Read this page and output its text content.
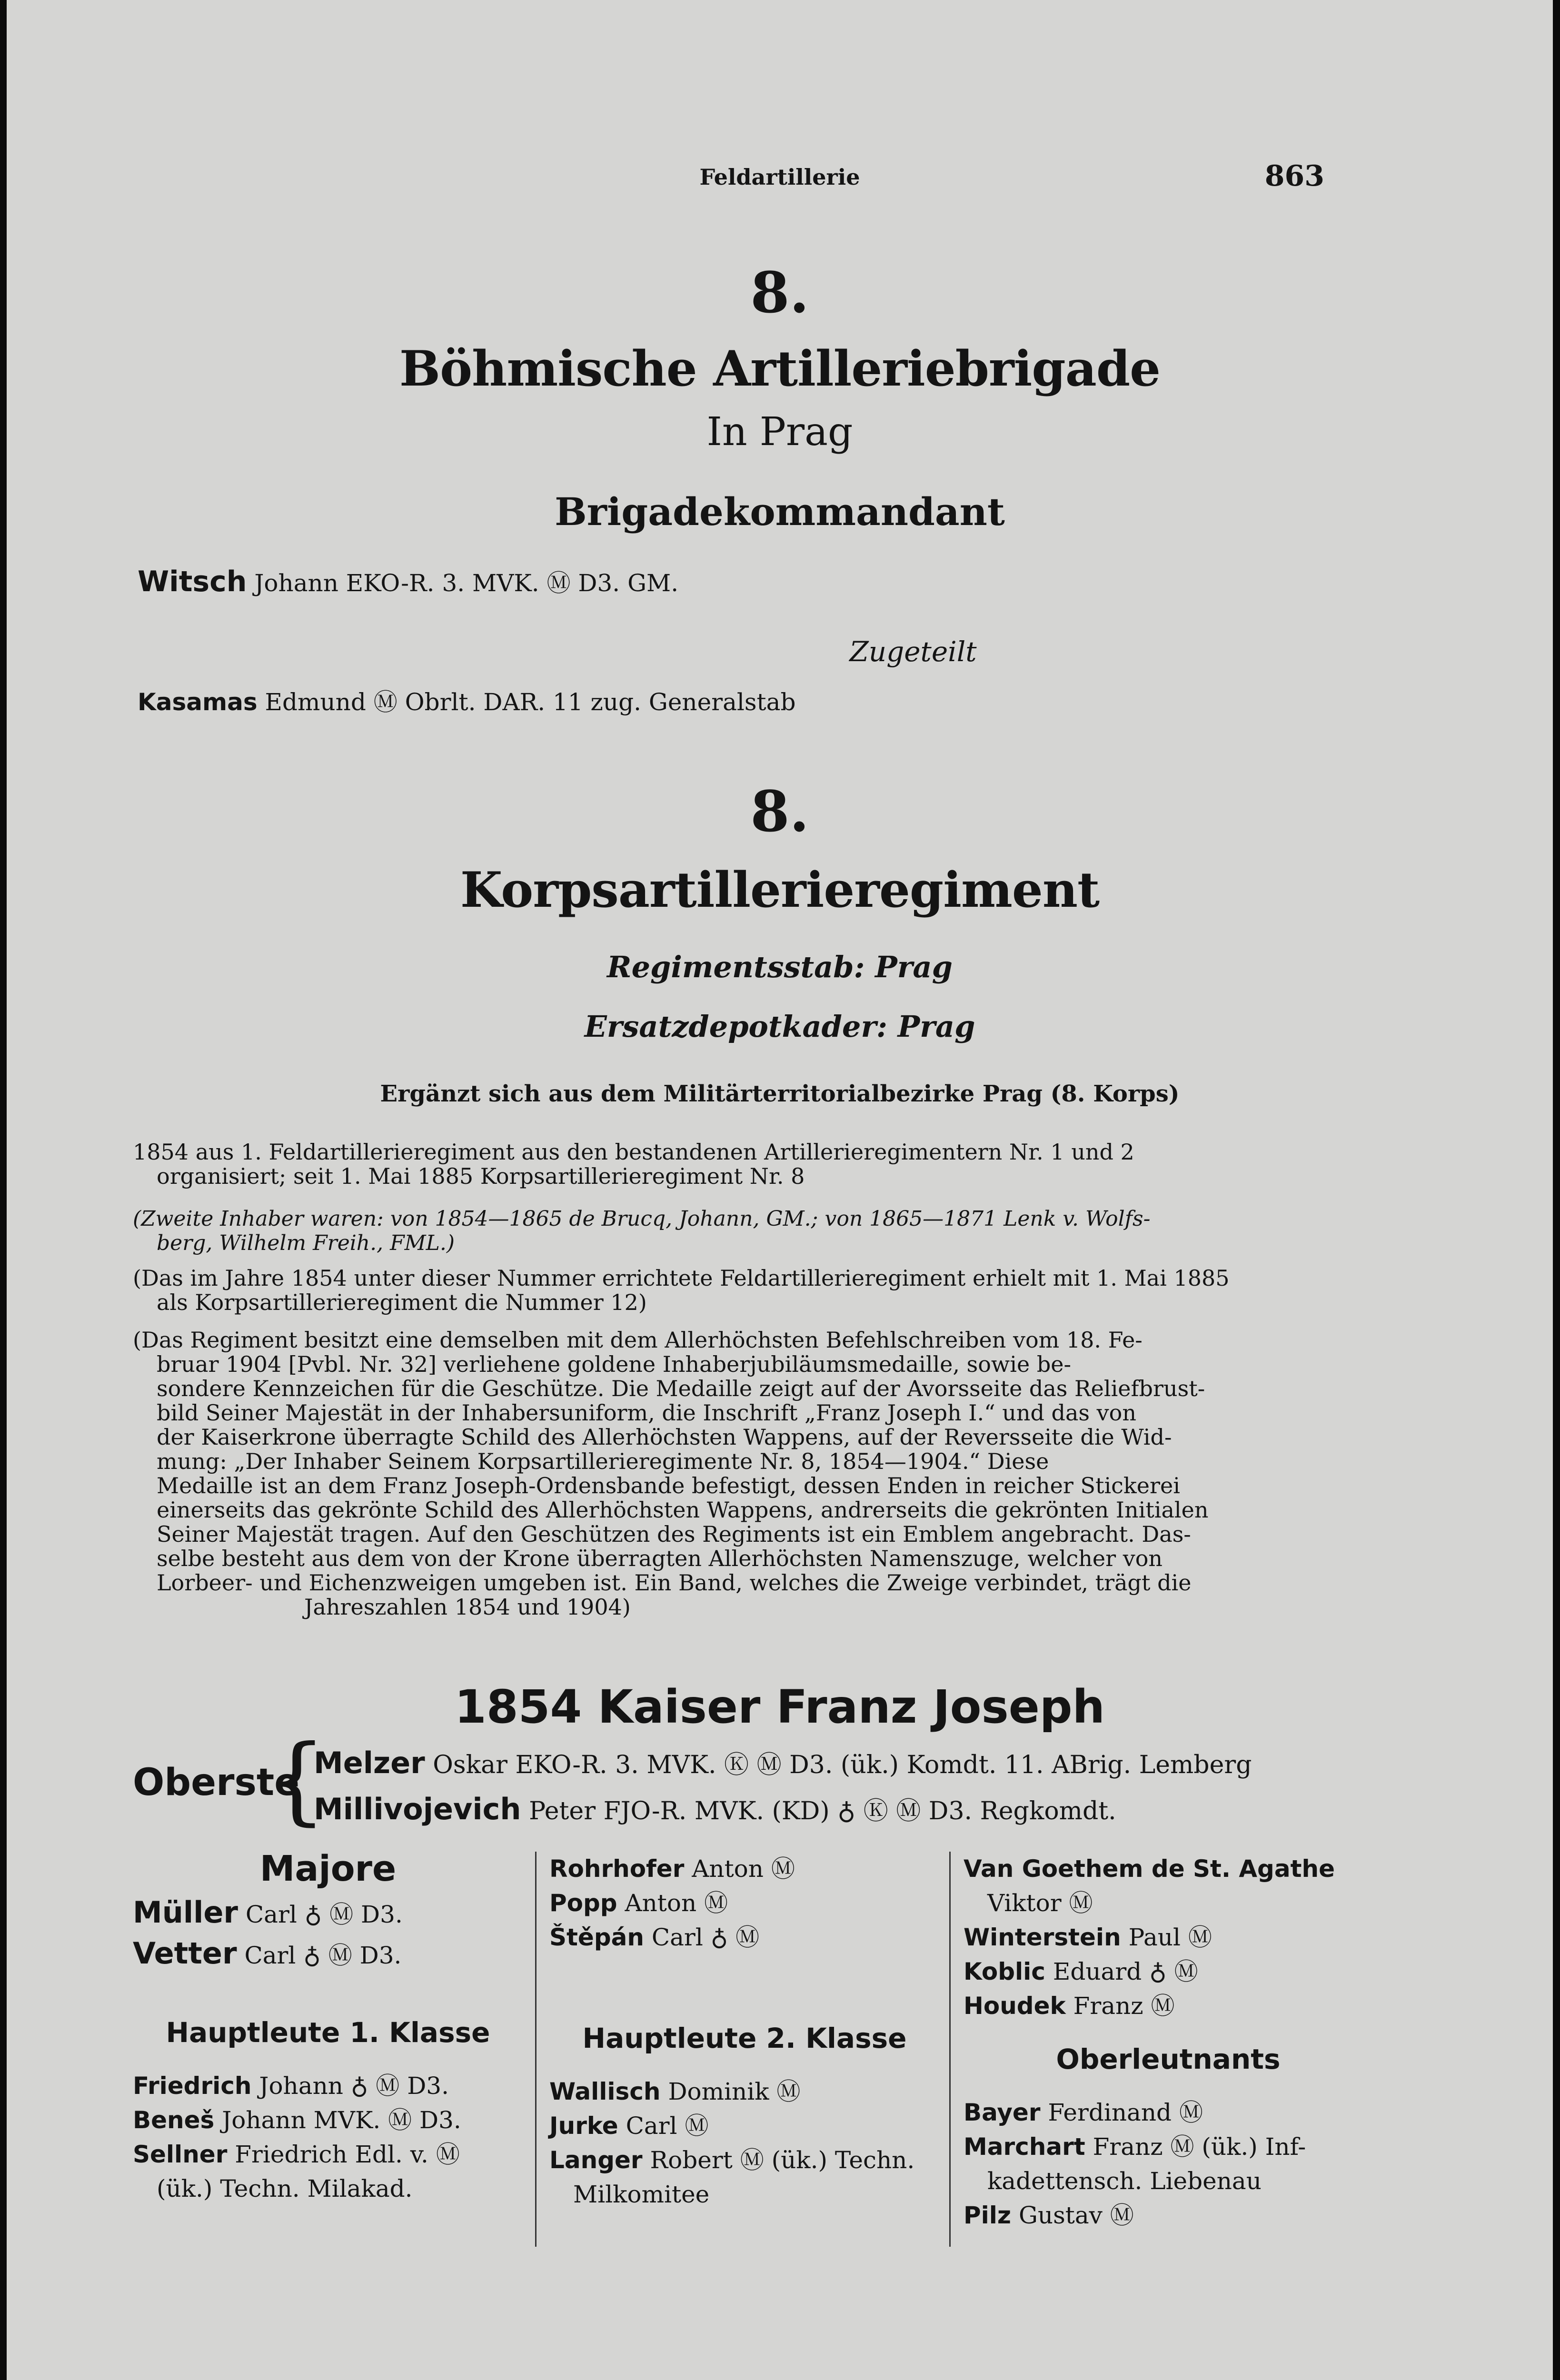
Feldartillerie	863
8.
Böhmische Artilleriebrigade
In Prag
Brigadekommandant
Witsch Johann EKO-R. 3. MVK. Ⓜ D3. GM.
Zugeteilt
Kasamas Edmund Ⓜ Obrlt. DAR. 11 zug. Generalstab
8.
Korpsartillerieregiment
Regimentsstab: Prag
Ersatzdepotkader: Prag
Ergänzt sich aus dem Militärterritorialbezirke Prag (8. Korps)
1854 aus 1. Feldartillerieregiment aus den bestandenen Artillerieregimentern Nr. 1 und 2
organisiert; seit 1. Mai 1885 Korpsartillerieregiment Nr. 8
(Zweite Inhaber waren: von 1854—1865 de Brucq, Johann, GM.; von 1865—1871 Lenk v. Wolfs-
berg, Wilhelm Freih., FML.)
(Das im Jahre 1854 unter dieser Nummer errichtete Feldartillerieregiment erhielt mit 1. Mai 1885
als Korpsartillerieregiment die Nummer 12)
(Das Regiment besitzt eine demselben mit dem Allerhöchsten Befehlschreiben vom 18. Fe-
bruar 1904 [Pvbl. Nr. 32] verliehene goldene Inhaberjubiläumsmedaille, sowie be-
sondere Kennzeichen für die Geschütze. Die Medaille zeigt auf der Avorsseite das Reliefbrust-
bild Seiner Majestät in der Inhabersuniform, die Inschrift „Franz Joseph I.“ und das von
der Kaiserkrone überragte Schild des Allerhöchsten Wappens, auf der Reversseite die Wid-
mung: „Der Inhaber Seinem Korpsartillerieregimente Nr. 8, 1854—1904.“ Diese
Medaille ist an dem Franz Joseph-Ordensbande befestigt, dessen Enden in reicher Stickerei
einerseits das gekrönte Schild des Allerhöchsten Wappens, andrerseits die gekrönten Initialen
Seiner Majestät tragen. Auf den Geschützen des Regiments ist ein Emblem angebracht. Das-
selbe besteht aus dem von der Krone überragten Allerhöchsten Namenszuge, welcher von
Lorbeer- und Eichenzweigen umgeben ist. Ein Band, welches die Zweige verbindet, trägt die
Jahreszahlen 1854 und 1904)
1854 Kaiser Franz Joseph
Oberste
{
Melzer Oskar EKO-R. 3. MVK. Ⓚ Ⓜ D3. (ük.) Komdt. 11. ABrig. Lemberg
Millivojevich Peter FJO-R. MVK. (KD) ♁ Ⓚ Ⓜ D3. Regkomdt.
Majore
Müller Carl ♁ Ⓜ D3.
Vetter Carl ♁ Ⓜ D3.
Hauptleute 1. Klasse
Friedrich Johann ♁ Ⓜ D3.
Beneš Johann MVK. Ⓜ D3.
Sellner Friedrich Edl. v. Ⓜ
(ük.) Techn. Milakad.
Rohrhofer Anton Ⓜ
Popp Anton Ⓜ
Štěpán Carl ♁ Ⓜ
Hauptleute 2. Klasse
Wallisch Dominik Ⓜ
Jurke Carl Ⓜ
Langer Robert Ⓜ (ük.) Techn.
Milkomitee
Van Goethem de St. Agathe
Viktor Ⓜ
Winterstein Paul Ⓜ
Koblic Eduard ♁ Ⓜ
Houdek Franz Ⓜ
Oberleutnants
Bayer Ferdinand Ⓜ
Marchart Franz Ⓜ (ük.) Inf-
kadettensch. Liebenau
Pilz Gustav Ⓜ
